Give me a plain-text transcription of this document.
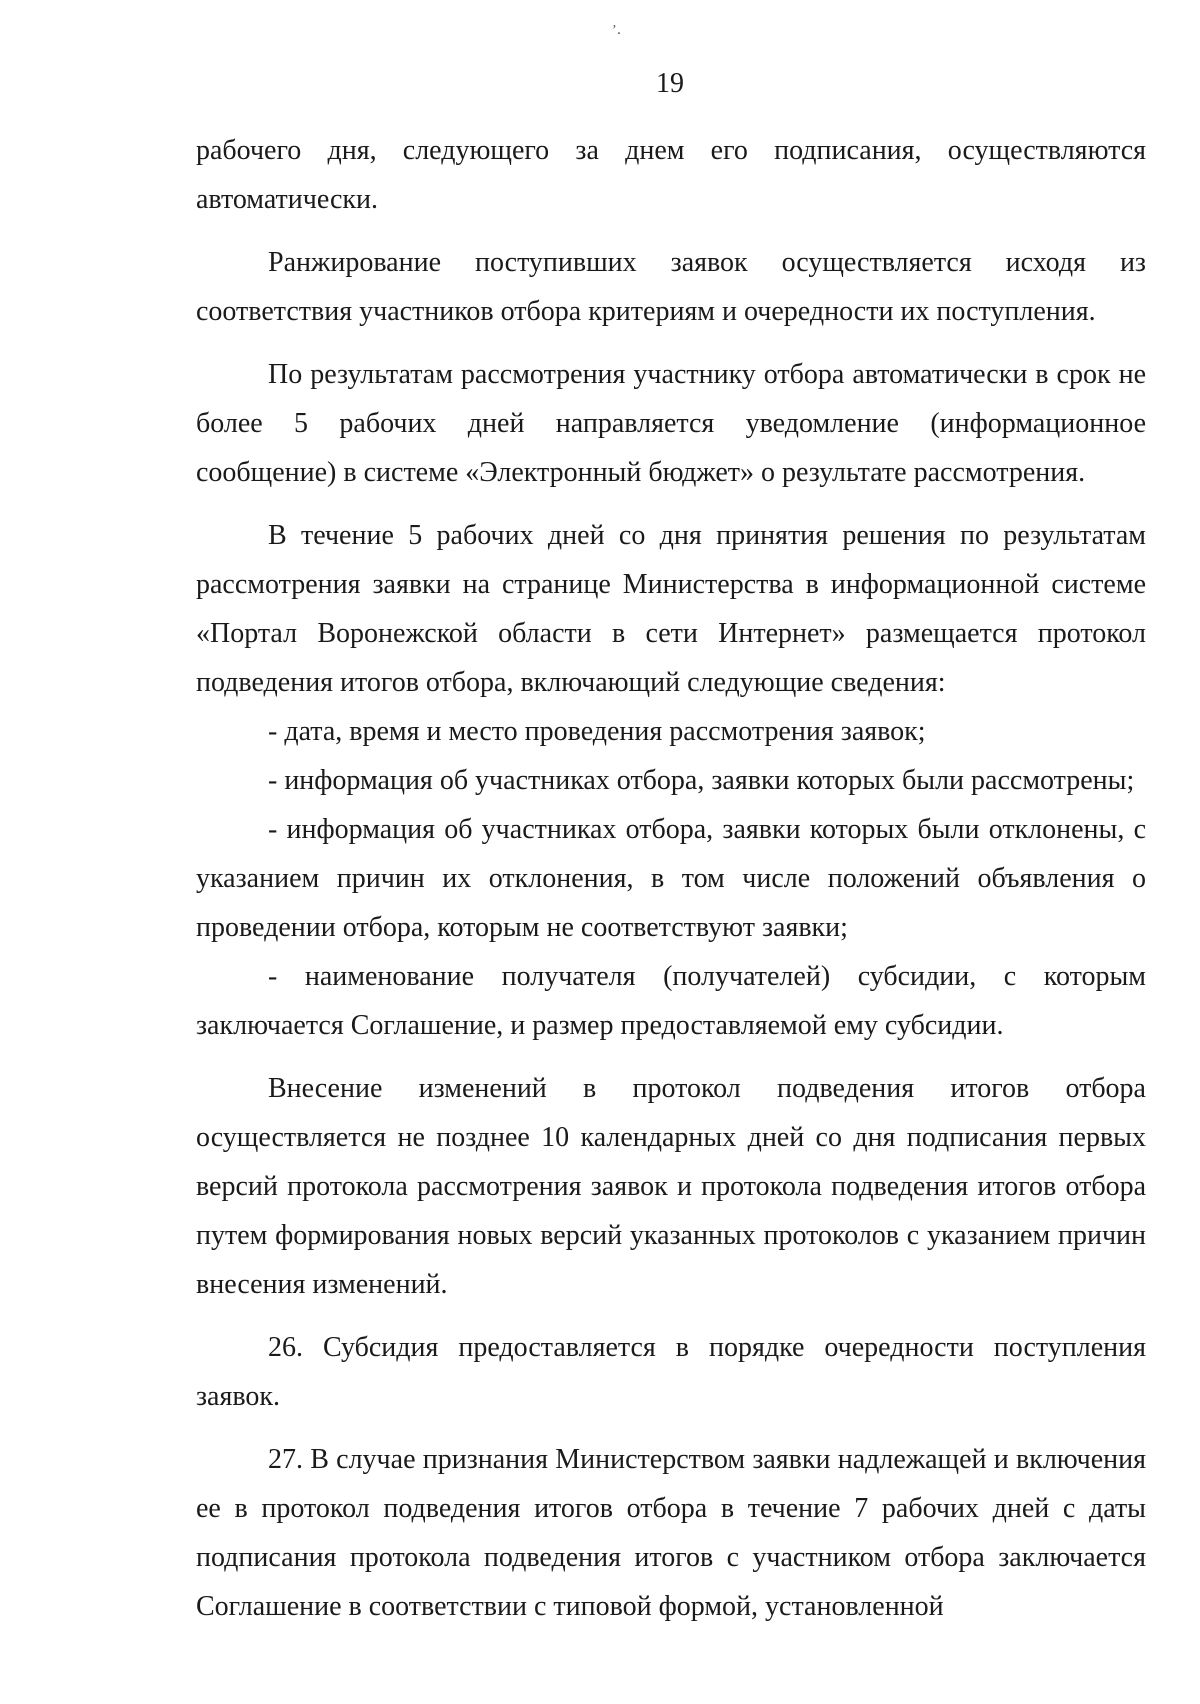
ʼ․
19

рабочего дня, следующего за днем его подписания, осуществляются автоматически.

Ранжирование поступивших заявок осуществляется исходя из соответствия участников отбора критериям и очередности их поступления.

По результатам рассмотрения участнику отбора автоматически в срок не более 5 рабочих дней направляется уведомление (информационное сообщение) в системе «Электронный бюджет» о результате рассмотрения.

В течение 5 рабочих дней со дня принятия решения по результатам рассмотрения заявки на странице Министерства в информационной системе «Портал Воронежской области в сети Интернет» размещается протокол подведения итогов отбора, включающий следующие сведения:

- дата, время и место проведения рассмотрения заявок;

- информация об участниках отбора, заявки которых были рассмотрены;

- информация об участниках отбора, заявки которых были отклонены, с указанием причин их отклонения, в том числе положений объявления о проведении отбора, которым не соответствуют заявки;

- наименование получателя (получателей) субсидии, с которым заключается Соглашение, и размер предоставляемой ему субсидии.

Внесение изменений в протокол подведения итогов отбора осуществляется не позднее 10 календарных дней со дня подписания первых версий протокола рассмотрения заявок и протокола подведения итогов отбора путем формирования новых версий указанных протоколов с указанием причин внесения изменений.

26. Субсидия предоставляется в порядке очередности поступления заявок.

27. В случае признания Министерством заявки надлежащей и включения ее в протокол подведения итогов отбора в течение 7 рабочих дней с даты подписания протокола подведения итогов с участником отбора заключается Соглашение в соответствии с типовой формой, установленной
